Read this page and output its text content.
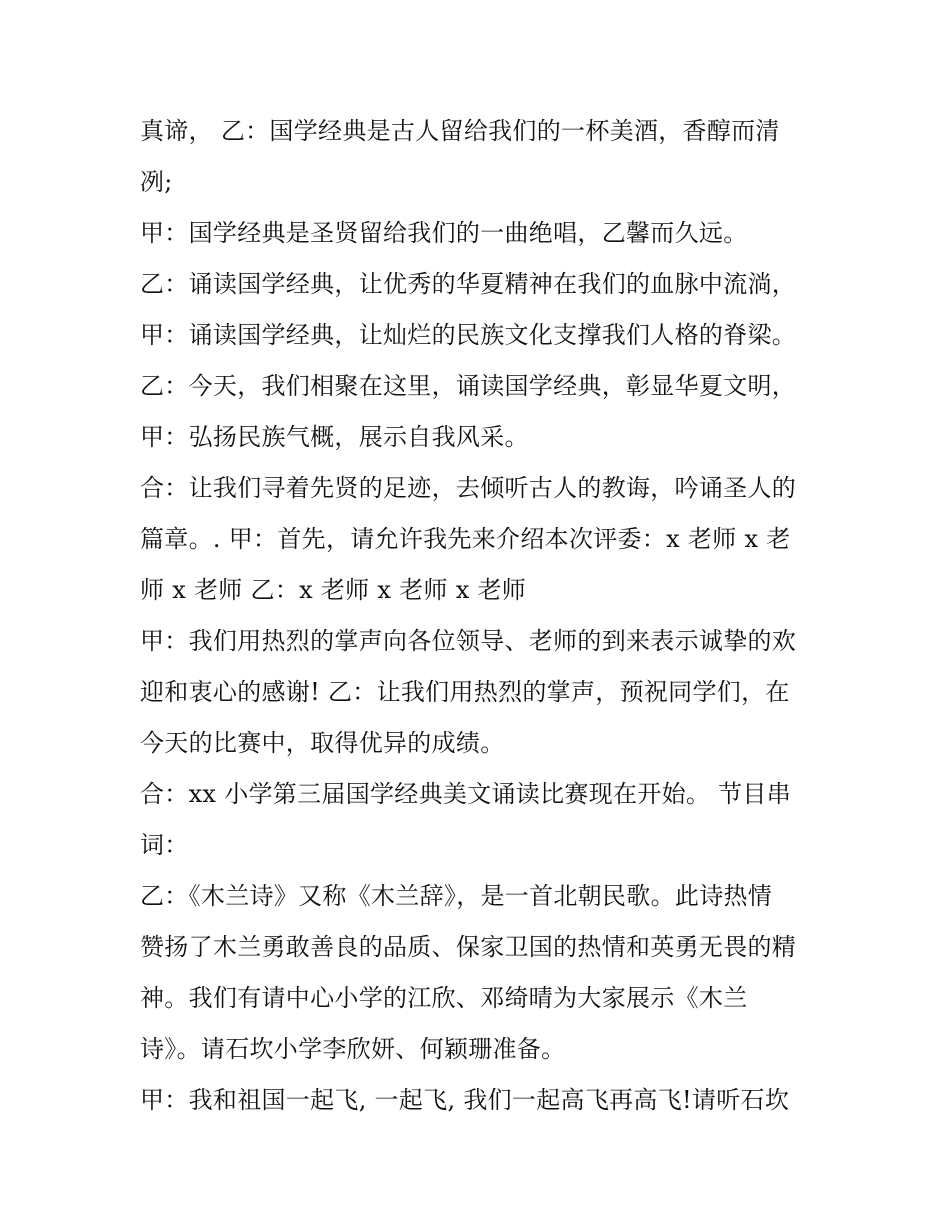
真谛， 乙：国学经典是古人留给我们的一杯美酒，香醇而清
冽;
甲：国学经典是圣贤留给我们的一曲绝唱，乙馨而久远。
乙：诵读国学经典，让优秀的华夏精神在我们的血脉中流淌，
甲：诵读国学经典，让灿烂的民族文化支撑我们人格的脊梁。
乙：今天，我们相聚在这里，诵读国学经典，彰显华夏文明，
甲：弘扬民族气概，展示自我风采。
合：让我们寻着先贤的足迹，去倾听古人的教诲，吟诵圣人的
篇章。. 甲：首先，请允许我先来介绍本次评委：x 老师 x 老
师 x 老师 乙：x 老师 x 老师 x 老师
甲：我们用热烈的掌声向各位领导、老师的到来表示诚挚的欢
迎和衷心的感谢! 乙：让我们用热烈的掌声，预祝同学们，在
今天的比赛中，取得优异的成绩。
合：xx 小学第三届国学经典美文诵读比赛现在开始。 节目串
词：
乙：《木兰诗》又称《木兰辞》，是一首北朝民歌。此诗热情
赞扬了木兰勇敢善良的品质、保家卫国的热情和英勇无畏的精
神。我们有请中心小学的江欣、邓绮晴为大家展示《木兰
诗》。请石坎小学李欣妍、何颖珊准备。
甲：我和祖国一起飞, 一起飞, 我们一起高飞再高飞!请听石坎
